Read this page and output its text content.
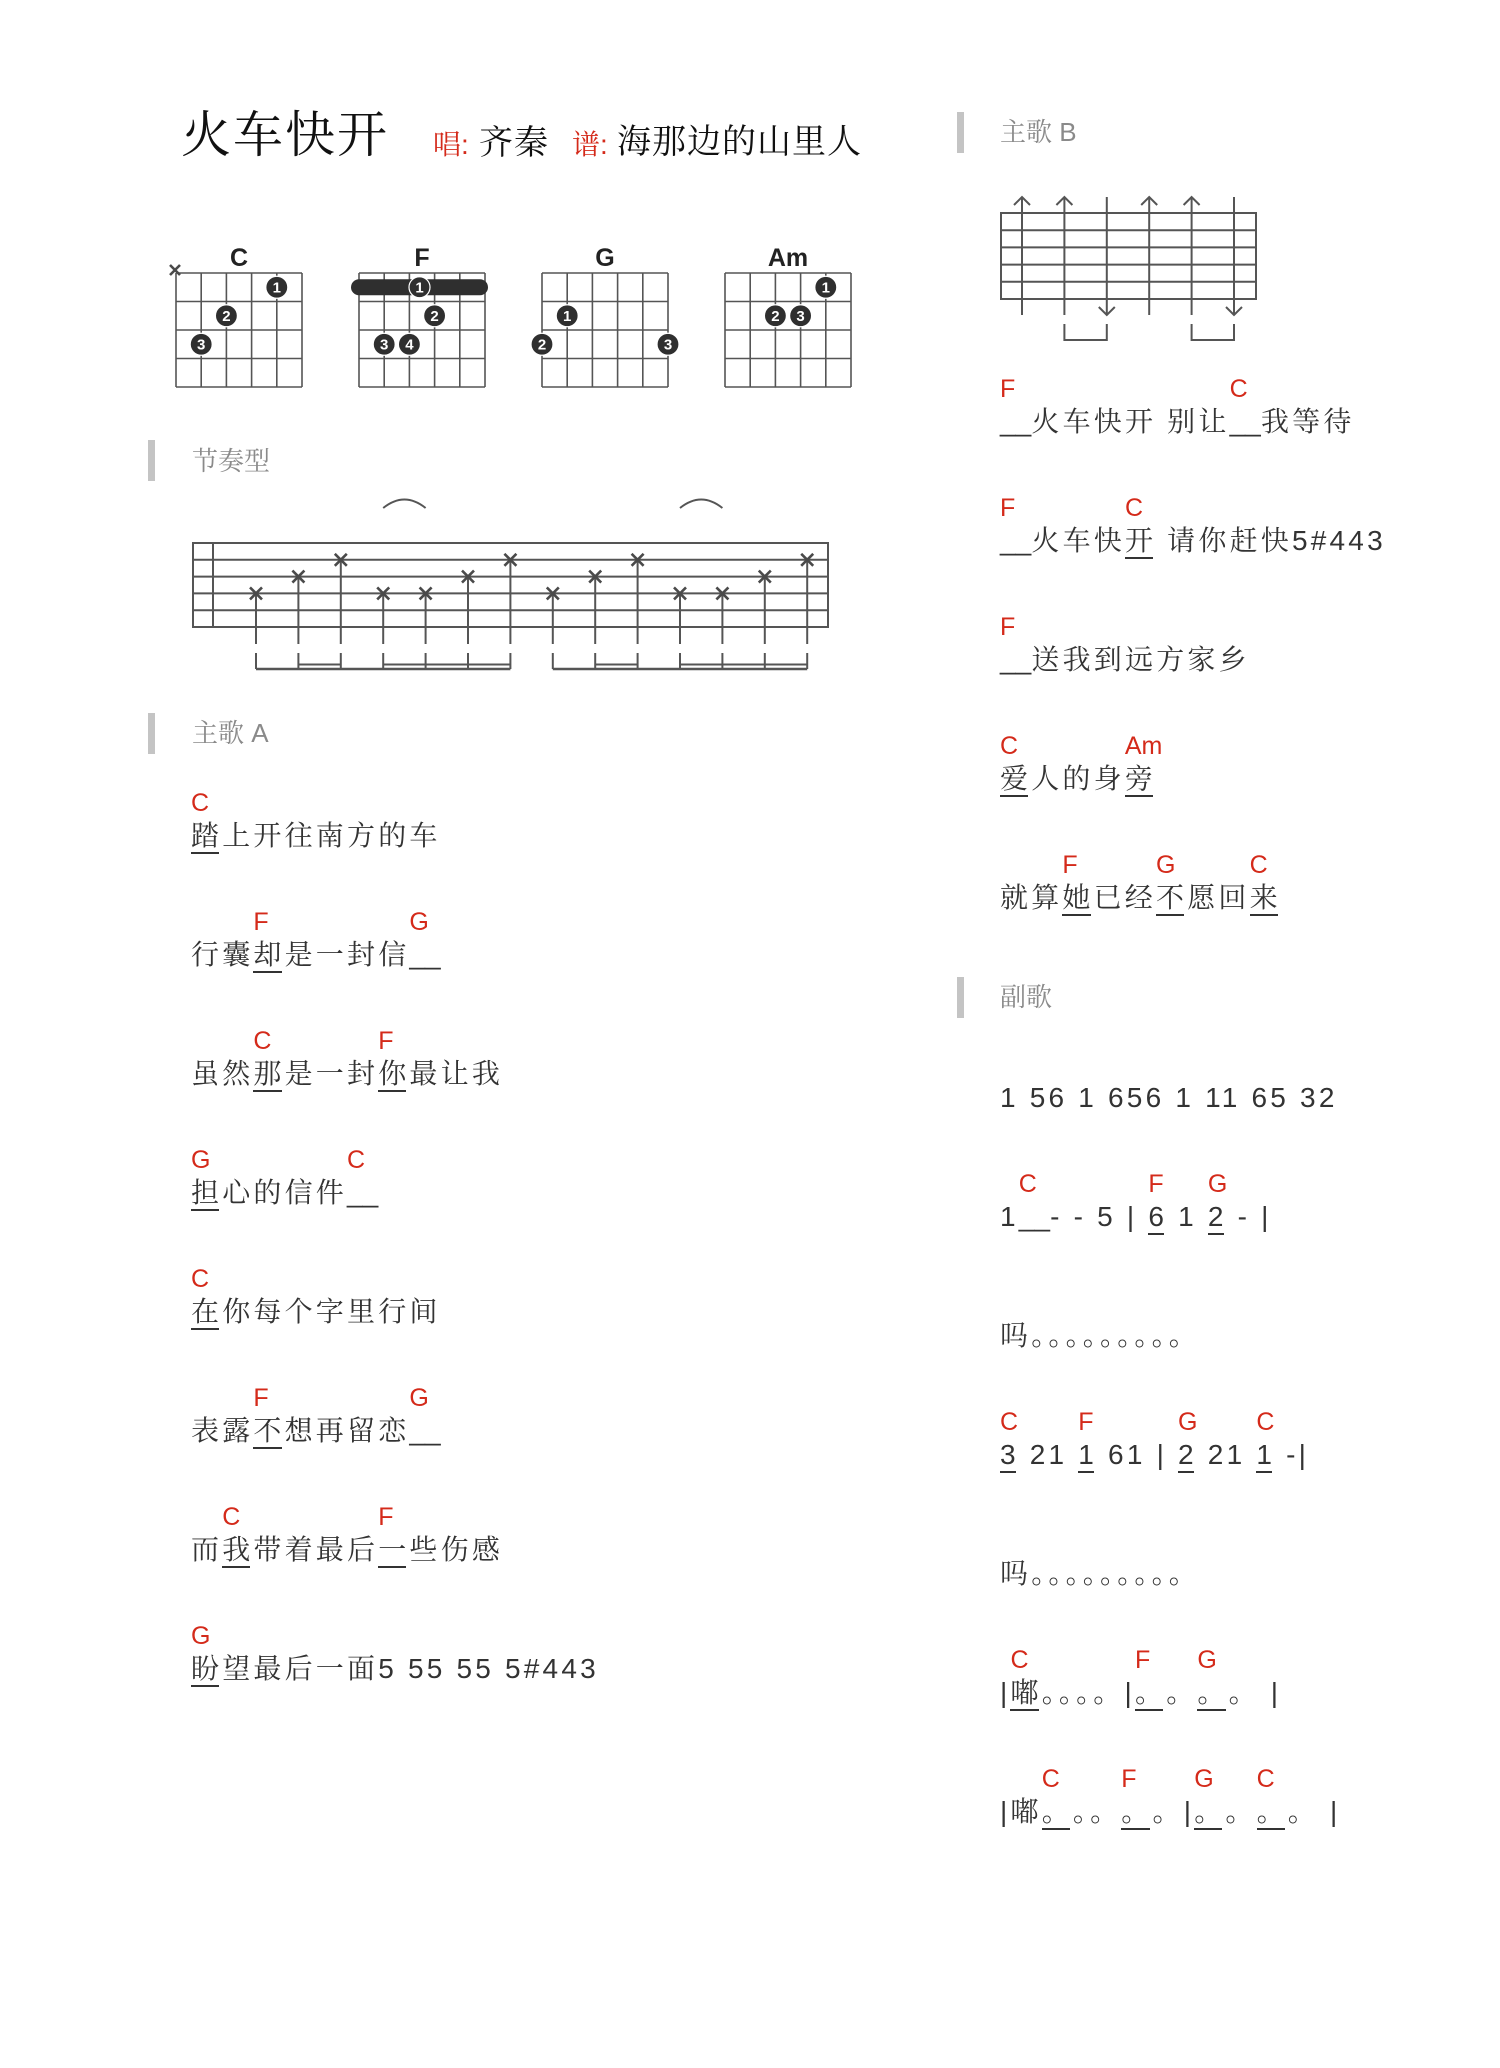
火车快开 唱: 齐秦 谱: 海那边的山里人
C
1
2
3
F
1
2
3 4
G
1
2	3
Am
1
2 3
节奏型
主歌 A
C
踏上开往南方的车
行囊
F
却是一封信
G
__
虽然
C
那是一封
F
你最让我
G
担心的信件
C
__
C
在你每个字里行间
表露
F
不想再留恋
G
__
而
C
我带着最后
F
一些伤感
G
盼望最后一面5 55 55 5#443
主歌 B
F
__火车快开 别让
C
__我等待
F
__火车快
C
开 请你赶快5#443
F
__送我到远方家乡
C
爱人的身
Am
旁
就算
F
她已经
G
不愿回
C
来
副歌
1 56 1 656 1 11 65 32
1
C
__- - 5 |
F
6 1
G
2 - |
吗。。。。。。。。。
C
3 21
F
1 61 |
G
2 21
C
1 -|
吗。。。。。。。。。
|
C
嘟。。。。|
F
。。
G
。。 |
|嘟
C
。。。
F
。。|
G
。。
C
。。 |
